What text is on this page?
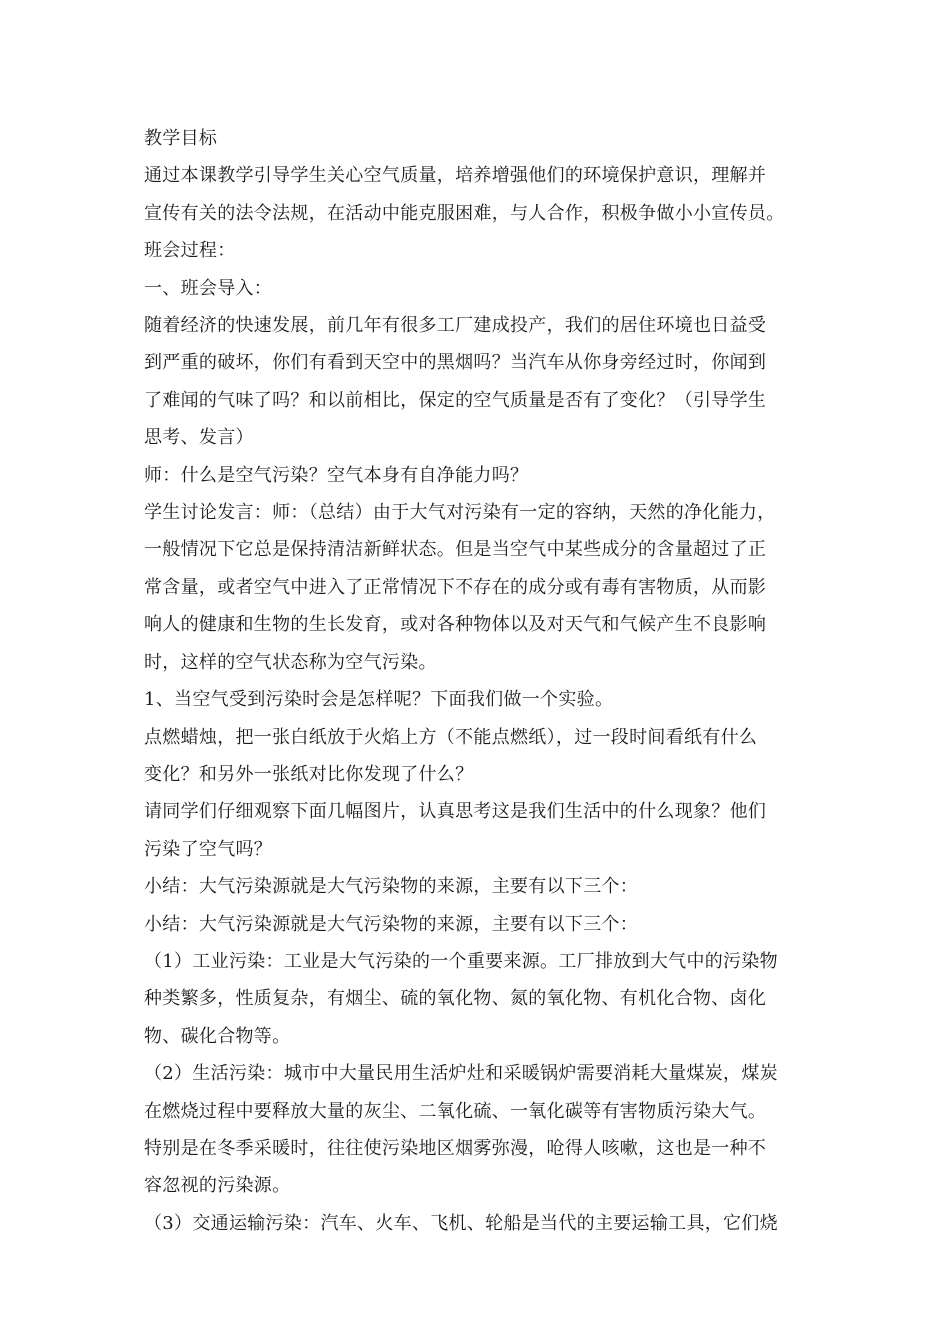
教学目标

通过本课教学引导学生关心空气质量，培养增强他们的环境保护意识，理解并
宣传有关的法令法规，在活动中能克服困难，与人合作，积极争做小小宣传员。

班会过程：

一、班会导入：

随着经济的快速发展，前几年有很多工厂建成投产，我们的居住环境也日益受
到严重的破坏，你们有看到天空中的黑烟吗？当汽车从你身旁经过时，你闻到
了难闻的气味了吗？和以前相比，保定的空气质量是否有了变化？（引导学生
思考、发言）

师：什么是空气污染？空气本身有自净能力吗？

学生讨论发言：师：（总结）由于大气对污染有一定的容纳，天然的净化能力，
一般情况下它总是保持清洁新鲜状态。但是当空气中某些成分的含量超过了正
常含量，或者空气中进入了正常情况下不存在的成分或有毒有害物质，从而影
响人的健康和生物的生长发育，或对各种物体以及对天气和气候产生不良影响
时，这样的空气状态称为空气污染。

1、当空气受到污染时会是怎样呢？下面我们做一个实验。

点燃蜡烛，把一张白纸放于火焰上方（不能点燃纸），过一段时间看纸有什么
变化？和另外一张纸对比你发现了什么？

请同学们仔细观察下面几幅图片，认真思考这是我们生活中的什么现象？他们
污染了空气吗？

小结：大气污染源就是大气污染物的来源，主要有以下三个：

小结：大气污染源就是大气污染物的来源，主要有以下三个：

（1）工业污染：工业是大气污染的一个重要来源。工厂排放到大气中的污染物
种类繁多，性质复杂，有烟尘、硫的氧化物、氮的氧化物、有机化合物、卤化
物、碳化合物等。

（2）生活污染：城市中大量民用生活炉灶和采暖锅炉需要消耗大量煤炭，煤炭
在燃烧过程中要释放大量的灰尘、二氧化硫、一氧化碳等有害物质污染大气。
特别是在冬季采暖时，往往使污染地区烟雾弥漫，呛得人咳嗽，这也是一种不
容忽视的污染源。

（3）交通运输污染：汽车、火车、飞机、轮船是当代的主要运输工具，它们烧
